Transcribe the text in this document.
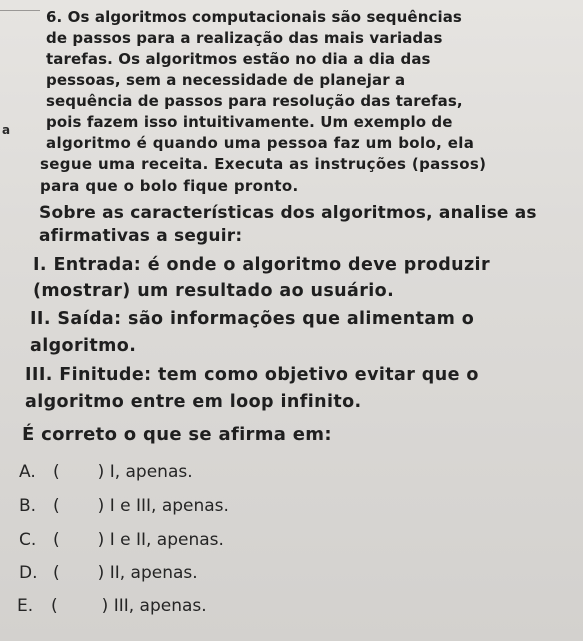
a
6. Os algoritmos computacionais são sequências
de passos para a realização das mais variadas
tarefas. Os algoritmos estão no dia a dia das
pessoas, sem a necessidade de planejar a
sequência de passos para resolução das tarefas,
pois fazem isso intuitivamente. Um exemplo de
algoritmo é quando uma pessoa faz um bolo, ela
segue uma receita. Executa as instruções (passos)
para que o bolo fique pronto.
Sobre as características dos algoritmos, analise as
afirmativas a seguir:
I. Entrada: é onde o algoritmo deve produzir
(mostrar) um resultado ao usuário.
II. Saída: são informações que alimentam o
algoritmo.
III. Finitude: tem como objetivo evitar que o
algoritmo entre em loop infinito.
É correto o que se afirma em:
A.	( )
I, apenas.
B. ( )
I e III, apenas.
C. ( )
I e II, apenas.
D. ( )
II, apenas.
E.	(	)
III, apenas.
